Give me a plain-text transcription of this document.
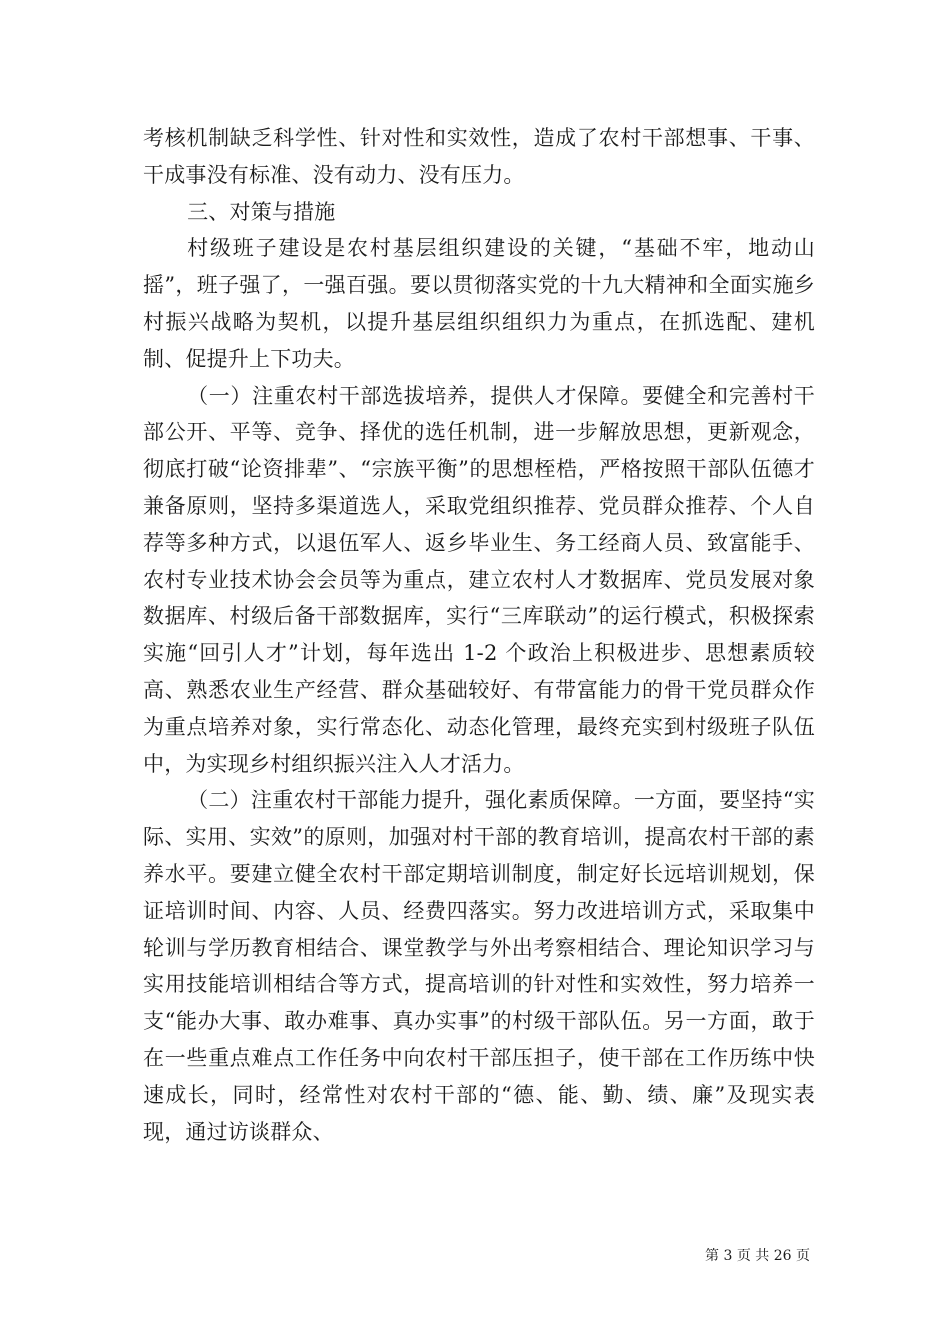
考核机制缺乏科学性、针对性和实效性，造成了农村干部想事、干事、干成事没有标准、没有动力、没有压力。

三、对策与措施

村级班子建设是农村基层组织建设的关键，“基础不牢，地动山摇”，班子强了，一强百强。要以贯彻落实党的十九大精神和全面实施乡村振兴战略为契机，以提升基层组织组织力为重点，在抓选配、建机制、促提升上下功夫。

（一）注重农村干部选拔培养，提供人才保障。要健全和完善村干部公开、平等、竞争、择优的选任机制，进一步解放思想，更新观念，彻底打破“论资排辈”、“宗族平衡”的思想桎梏，严格按照干部队伍德才兼备原则，坚持多渠道选人，采取党组织推荐、党员群众推荐、个人自荐等多种方式，以退伍军人、返乡毕业生、务工经商人员、致富能手、农村专业技术协会会员等为重点，建立农村人才数据库、党员发展对象数据库、村级后备干部数据库，实行“三库联动”的运行模式，积极探索实施“回引人才”计划，每年选出 1-2 个政治上积极进步、思想素质较高、熟悉农业生产经营、群众基础较好、有带富能力的骨干党员群众作为重点培养对象，实行常态化、动态化管理，最终充实到村级班子队伍中，为实现乡村组织振兴注入人才活力。

（二）注重农村干部能力提升，强化素质保障。一方面，要坚持“实际、实用、实效”的原则，加强对村干部的教育培训，提高农村干部的素养水平。要建立健全农村干部定期培训制度，制定好长远培训规划，保证培训时间、内容、人员、经费四落实。努力改进培训方式，采取集中轮训与学历教育相结合、课堂教学与外出考察相结合、理论知识学习与实用技能培训相结合等方式，提高培训的针对性和实效性，努力培养一支“能办大事、敢办难事、真办实事”的村级干部队伍。另一方面，敢于在一些重点难点工作任务中向农村干部压担子，使干部在工作历练中快速成长，同时，经常性对农村干部的“德、能、勤、绩、廉”及现实表现，通过访谈群众、

第 3 页 共 26 页
